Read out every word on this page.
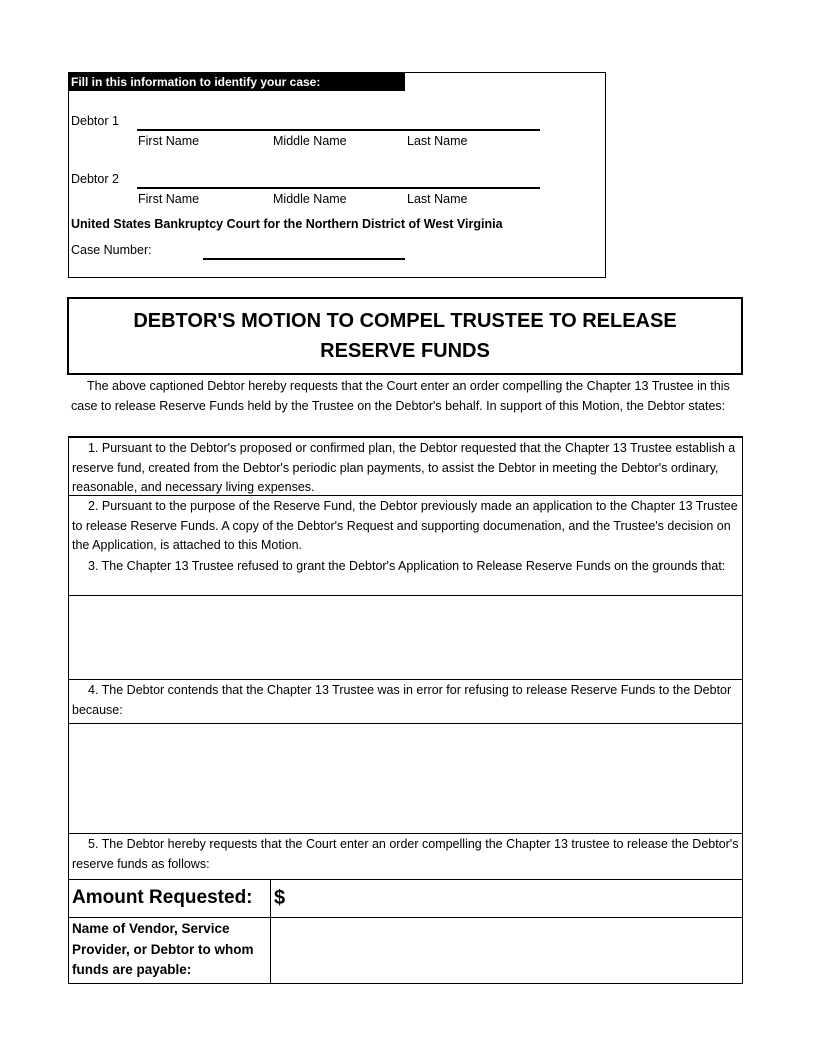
Fill in this information to identify your case:
Debtor 1
First Name	Middle Name	Last Name
Debtor 2
First Name	Middle Name	Last Name
United States Bankruptcy Court for the Northern District of West Virginia
Case Number:
DEBTOR'S MOTION TO COMPEL TRUSTEE TO RELEASE RESERVE FUNDS
The above captioned Debtor hereby requests that the Court enter an order compelling the Chapter 13 Trustee in this case to release Reserve Funds held by the Trustee on the Debtor's behalf. In support of this Motion, the Debtor states:
1. Pursuant to the Debtor's proposed or confirmed plan, the Debtor requested that the Chapter 13 Trustee establish a reserve fund, created from the Debtor's periodic plan payments, to assist the Debtor in meeting the Debtor's ordinary, reasonable, and necessary living expenses.
2. Pursuant to the purpose of the Reserve Fund, the Debtor previously made an application to the Chapter 13 Trustee to release Reserve Funds. A copy of the Debtor's Request and supporting documenation, and the Trustee's decision on the Application, is attached to this Motion.
3. The Chapter 13 Trustee refused to grant the Debtor's Application to Release Reserve Funds on the grounds that:
4. The Debtor contends that the Chapter 13 Trustee was in error for refusing to release Reserve Funds to the Debtor because:
5. The Debtor hereby requests that the Court enter an order compelling the Chapter 13 trustee to release the Debtor's reserve funds as follows:
Amount Requested:	$
Name of Vendor, Service Provider, or Debtor to whom funds are payable:
